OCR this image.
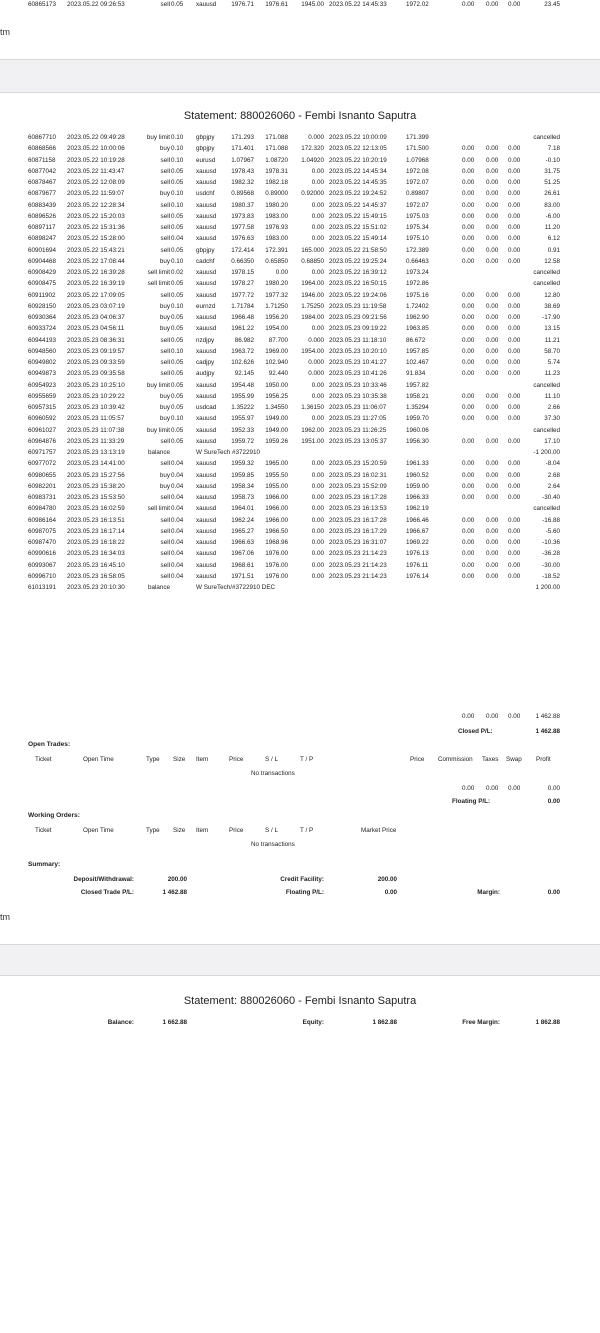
60865173	2023.05.22 09:26:53	sell 0.05	xauusd	1976.71	1976.61	1945.00 2023.05.22 14:45:33	1972.02	0.00	0.00	0.00	23.45
tm
Statement: 880026060 - Fembi Isnanto Saputra
60867710	2023.05.22 09:49:28	buy limit 0.10	gbpjpy	171.293	171.088	0.000 2023.05.22 10:00:09	171.399	cancelled
60868566	2023.05.22 10:00:06	buy 0.10	gbpjpy	171.401	171.088	172.320 2023.05.22 12:13:05	171.500	0.00	0.00	0.00	7.18
60871158	2023.05.22 10:19:28	sell 0.10	eurusd	1.07967	1.08720	1.04920 2023.05.22 10:20:19	1.07968	0.00	0.00	0.00	-0.10
60877042	2023.05.22 11:43:47	sell 0.05	xauusd	1978.43	1978.31	0.00 2023.05.22 14:45:34	1972.08	0.00	0.00	0.00	31.75
60878467	2023.05.22 12:08:09	sell 0.05	xauusd	1982.32	1982.18	0.00 2023.05.22 14:45:35	1972.07	0.00	0.00	0.00	51.25
60879677	2023.05.22 11:59:07	buy 0.10	usdchf	0.89568	0.89000	0.92000 2023.05.22 19:24:52	0.89807	0.00	0.00	0.00	26.61
60883439	2023.05.22 12:28:34	sell 0.10	xauusd	1980.37	1980.20	0.00 2023.05.22 14:45:37	1972.07	0.00	0.00	0.00	83.00
60896526	2023.05.22 15:20:03	sell 0.05	xauusd	1973.83	1983.00	0.00 2023.05.22 15:49:15	1975.03	0.00	0.00	0.00	-6.00
60897117	2023.05.22 15:31:36	sell 0.05	xauusd	1977.58	1976.93	0.00 2023.05.22 15:51:02	1975.34	0.00	0.00	0.00	11.20
60898247	2023.05.22 15:28:00	sell 0.04	xauusd	1976.63	1983.00	0.00 2023.05.22 15:49:14	1975.10	0.00	0.00	0.00	6.12
60901694	2023.05.22 15:43:21	sell 0.05	gbpjpy	172.414	172.391	165.000 2023.05.22 21:58:50	172.389	0.00	0.00	0.00	0.91
60904468	2023.05.22 17:08:44	buy 0.10	cadchf	0.66350	0.65850	0.68850 2023.05.22 19:25:24	0.66463	0.00	0.00	0.00	12.58
60908429	2023.05.22 16:39:28	sell limit 0.02	xauusd	1978.15	0.00	0.00 2023.05.22 16:39:12	1973.24	cancelled
60908475	2023.05.22 16:39:19	sell limit 0.05	xauusd	1978.27	1980.20	1964.00 2023.05.22 16:50:15	1972.86	cancelled
60911902	2023.05.22 17:09:05	sell 0.05	xauusd	1977.72	1977.32	1946.00 2023.05.22 19:24:06	1975.16	0.00	0.00	0.00	12.80
60928150	2023.05.23 03:07:19	buy 0.10	eurnzd	1.71784	1.71250	1.75250 2023.05.23 11:19:58	1.72402	0.00	0.00	0.00	38.69
60930364	2023.05.23 04:06:37	buy 0.05	xauusd	1966.48	1956.20	1984.00 2023.05.23 09:21:56	1962.90	0.00	0.00	0.00	-17.90
60933724	2023.05.23 04:56:11	buy 0.05	xauusd	1961.22	1954.00	0.00 2023.05.23 09:19:22	1963.85	0.00	0.00	0.00	13.15
60944193	2023.05.23 08:36:31	sell 0.05	nzdjpy	86.982	87.700	0.000 2023.05.23 11:18:10	86.672	0.00	0.00	0.00	11.21
60948560	2023.05.23 09:19:57	sell 0.10	xauusd	1963.72	1969.00	1954.00 2023.05.23 10:20:10	1957.85	0.00	0.00	0.00	58.70
60949802	2023.05.23 09:33:59	sell 0.05	cadjpy	102.626	102.940	0.000 2023.05.23 10:41:27	102.467	0.00	0.00	0.00	5.74
60949873	2023.05.23 09:35:58	sell 0.05	audjpy	92.145	92.440	0.000 2023.05.23 10:41:26	91.834	0.00	0.00	0.00	11.23
60954923	2023.05.23 10:25:10	buy limit 0.05	xauusd	1954.48	1950.00	0.00 2023.05.23 10:33:46	1957.82	cancelled
60955659	2023.05.23 10:29:22	buy 0.05	xauusd	1955.99	1956.25	0.00 2023.05.23 10:35:38	1958.21	0.00	0.00	0.00	11.10
60957315	2023.05.23 10:39:42	buy 0.05	usdcad	1.35222	1.34550	1.36150 2023.05.23 11:06:07	1.35294	0.00	0.00	0.00	2.66
60960592	2023.05.23 11:05:57	buy 0.10	xauusd	1955.97	1949.00	0.00 2023.05.23 11:27:05	1959.70	0.00	0.00	0.00	37.30
60961027	2023.05.23 11:07:38	buy limit 0.05	xauusd	1952.33	1949.00	1962.00 2023.05.23 11:26:25	1960.06	cancelled
60964876	2023.05.23 11:33:29	sell 0.05	xauusd	1959.72	1959.26	1951.00 2023.05.23 13:05:37	1956.30	0.00	0.00	0.00	17.10
60971757	2023.05.23 13:13:19	balance	W SureTech #3722910	-1 200.00
60977072	2023.05.23 14:41:00	sell 0.04	xauusd	1959.32	1965.00	0.00 2023.05.23 15:20:59	1961.33	0.00	0.00	0.00	-8.04
60980655	2023.05.23 15:27:56	buy 0.04	xauusd	1959.85	1955.50	0.00 2023.05.23 16:02:31	1960.52	0.00	0.00	0.00	2.68
60982201	2023.05.23 15:38:20	buy 0.04	xauusd	1958.34	1955.00	0.00 2023.05.23 15:52:09	1959.00	0.00	0.00	0.00	2.64
60983731	2023.05.23 15:53:50	sell 0.04	xauusd	1958.73	1966.00	0.00 2023.05.23 16:17:28	1966.33	0.00	0.00	0.00	-30.40
60984780	2023.05.23 16:02:59	sell limit 0.04	xauusd	1964.01	1966.00	0.00 2023.05.23 16:13:53	1962.19	cancelled
60986164	2023.05.23 16:13:51	sell 0.04	xauusd	1962.24	1966.00	0.00 2023.05.23 16:17:28	1966.46	0.00	0.00	0.00	-16.88
60987075	2023.05.23 16:17:14	sell 0.04	xauusd	1965.27	1966.50	0.00 2023.05.23 16:17:29	1966.67	0.00	0.00	0.00	-5.60
60987470	2023.05.23 16:18:22	sell 0.04	xauusd	1966.63	1968.96	0.00 2023.05.23 16:31:07	1969.22	0.00	0.00	0.00	-10.36
60990616	2023.05.23 16:34:03	sell 0.04	xauusd	1967.06	1976.00	0.00 2023.05.23 21:14:23	1976.13	0.00	0.00	0.00	-36.28
60993067	2023.05.23 16:45:10	sell 0.04	xauusd	1968.61	1976.00	0.00 2023.05.23 21:14:23	1976.11	0.00	0.00	0.00	-30.00
60996710	2023.05.23 16:58:05	sell 0.04	xauusd	1971.51	1976.00	0.00 2023.05.23 21:14:23	1976.14	0.00	0.00	0.00	-18.52
61013191	2023.05.23 20:10:30	balance	W SureTech/#3722910 DEC	1 200.00
0.00 0.00 0.00	1 462.88
Closed P/L:	1 462.88
Open Trades:
Ticket	Open Time	Type Size Item	Price	S / L	T / P	Price Commission Taxes Swap Profit
No transactions
0.00 0.00 0.00	0.00
Floating P/L:	0.00
Working Orders:
Ticket	Open Time	Type Size Item	Price	S / L	T / P	Market Price
No transactions
Summary:
Deposit/Withdrawal:	200.00	Credit Facility:	200.00
Closed Trade P/L:	1 462.88	Floating P/L:	0.00	Margin:	0.00
tm
Statement: 880026060 - Fembi Isnanto Saputra
Balance:	1 662.88	Equity:	1 862.88	Free Margin:	1 862.88
